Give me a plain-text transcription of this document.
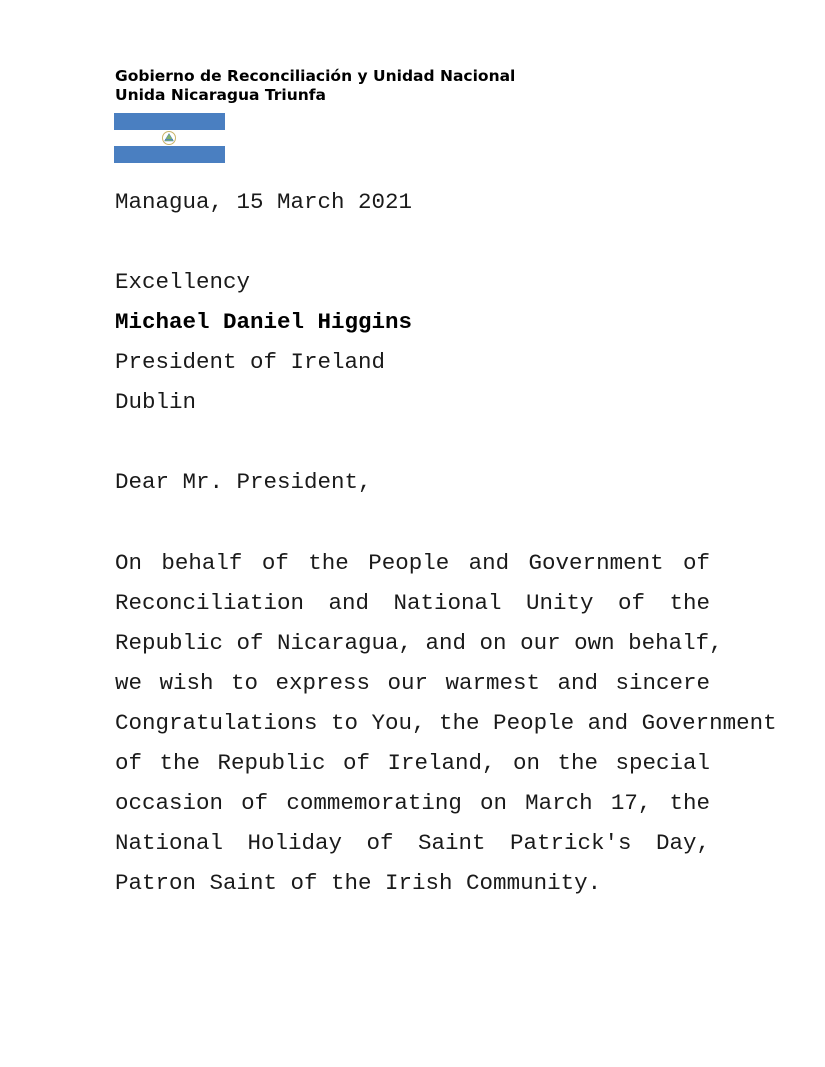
Gobierno de Reconciliación y Unidad Nacional
Unida Nicaragua Triunfa
Managua, 15 March 2021
Excellency
Michael Daniel Higgins
President of Ireland
Dublin
Dear Mr. President,
On behalf of the People and Government of
Reconciliation and National Unity of the
Republic of Nicaragua, and on our own behalf,
we wish to express our warmest and sincere
Congratulations to You, the People and Government
of the Republic of Ireland, on the special
occasion of commemorating on March 17, the
National Holiday of Saint Patrick's Day,
Patron Saint of the Irish Community.
